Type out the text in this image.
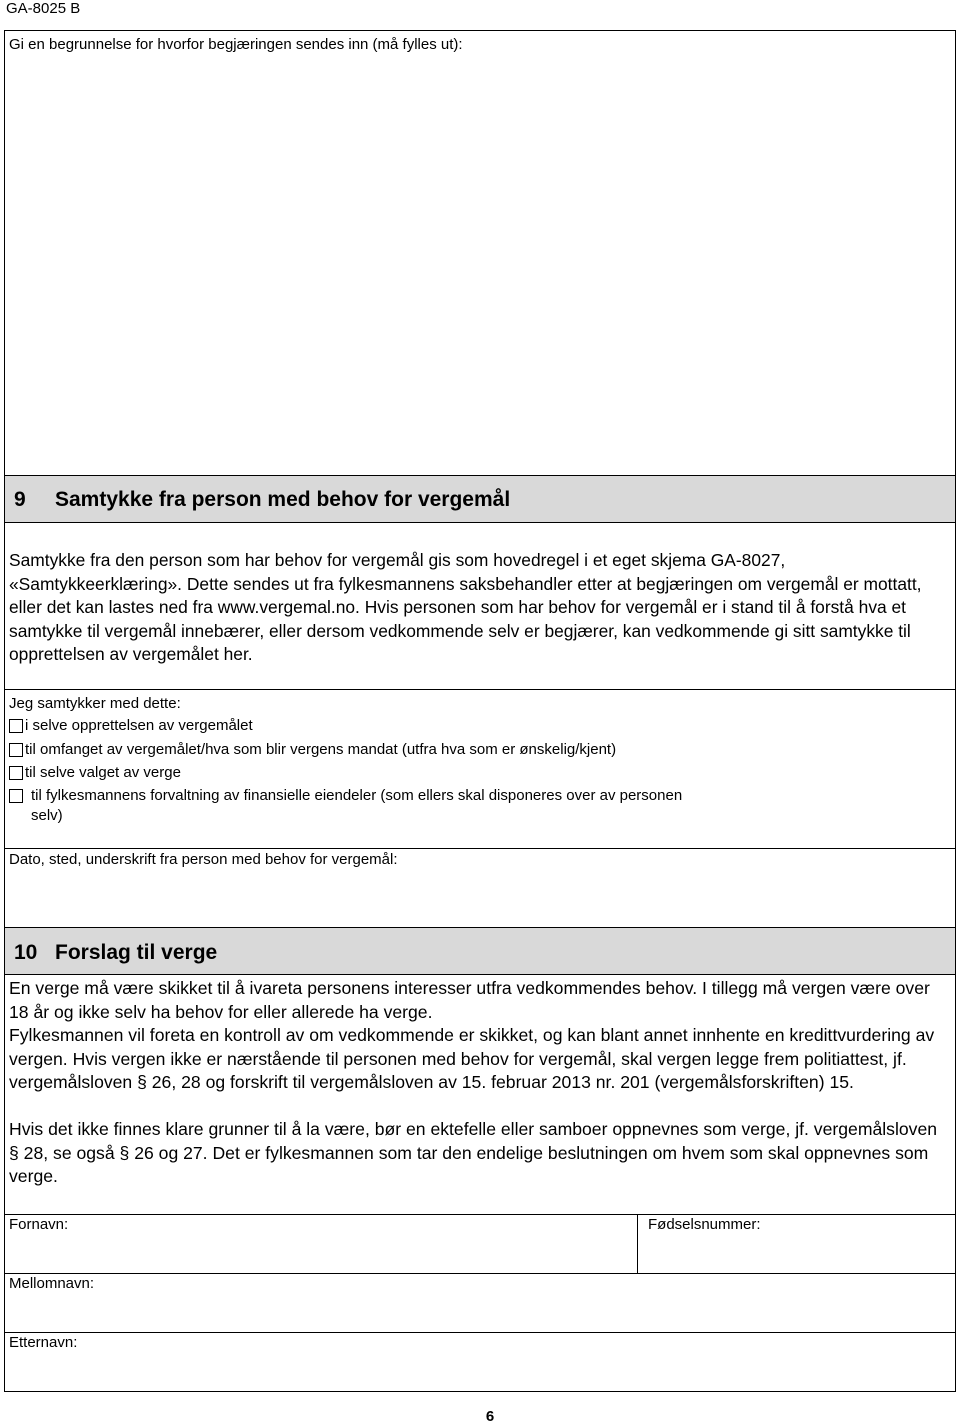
GA-8025 B
Gi en begrunnelse for hvorfor begjæringen sendes inn (må fylles ut):
9 Samtykke fra person med behov for vergemål
Samtykke fra den person som har behov for vergemål gis som hovedregel i et eget skjema GA-8027, «Samtykkeerklæring». Dette sendes ut fra fylkesmannens saksbehandler etter at begjæringen om vergemål er mottatt, eller det kan lastes ned fra www.vergemal.no. Hvis personen som har behov for vergemål er i stand til å forstå hva et samtykke til vergemål innebærer, eller dersom vedkommende selv er begjærer, kan vedkommende gi sitt samtykke til opprettelsen av vergemålet her.
Jeg samtykker med dette:
i selve opprettelsen av vergemålet
til omfanget av vergemålet/hva som blir vergens mandat (utfra hva som er ønskelig/kjent)
til selve valget av verge
til fylkesmannens forvaltning av finansielle eiendeler (som ellers skal disponeres over av personen selv)
Dato, sted, underskrift fra person med behov for vergemål:
10 Forslag til verge

En verge må være skikket til å ivareta personens interesser utfra vedkommendes behov. I tillegg må vergen være over 18 år og ikke selv ha behov for eller allerede ha verge.

Fylkesmannen vil foreta en kontroll av om vedkommende er skikket, og kan blant annet innhente en kredittvurdering av vergen. Hvis vergen ikke er nærstående til personen med behov for vergemål, skal vergen legge frem politiattest, jf. vergemålsloven § 26, 28 og forskrift til vergemålsloven av 15. februar 2013 nr. 201 (vergemålsforskriften) 15.

Hvis det ikke finnes klare grunner til å la være, bør en ektefelle eller samboer oppnevnes som verge, jf. vergemålsloven § 28, se også § 26 og 27. Det er fylkesmannen som tar den endelige beslutningen om hvem som skal oppnevnes som verge.

Fornavn:	Fødselsnummer:
Mellomnavn:
Etternavn:
6
